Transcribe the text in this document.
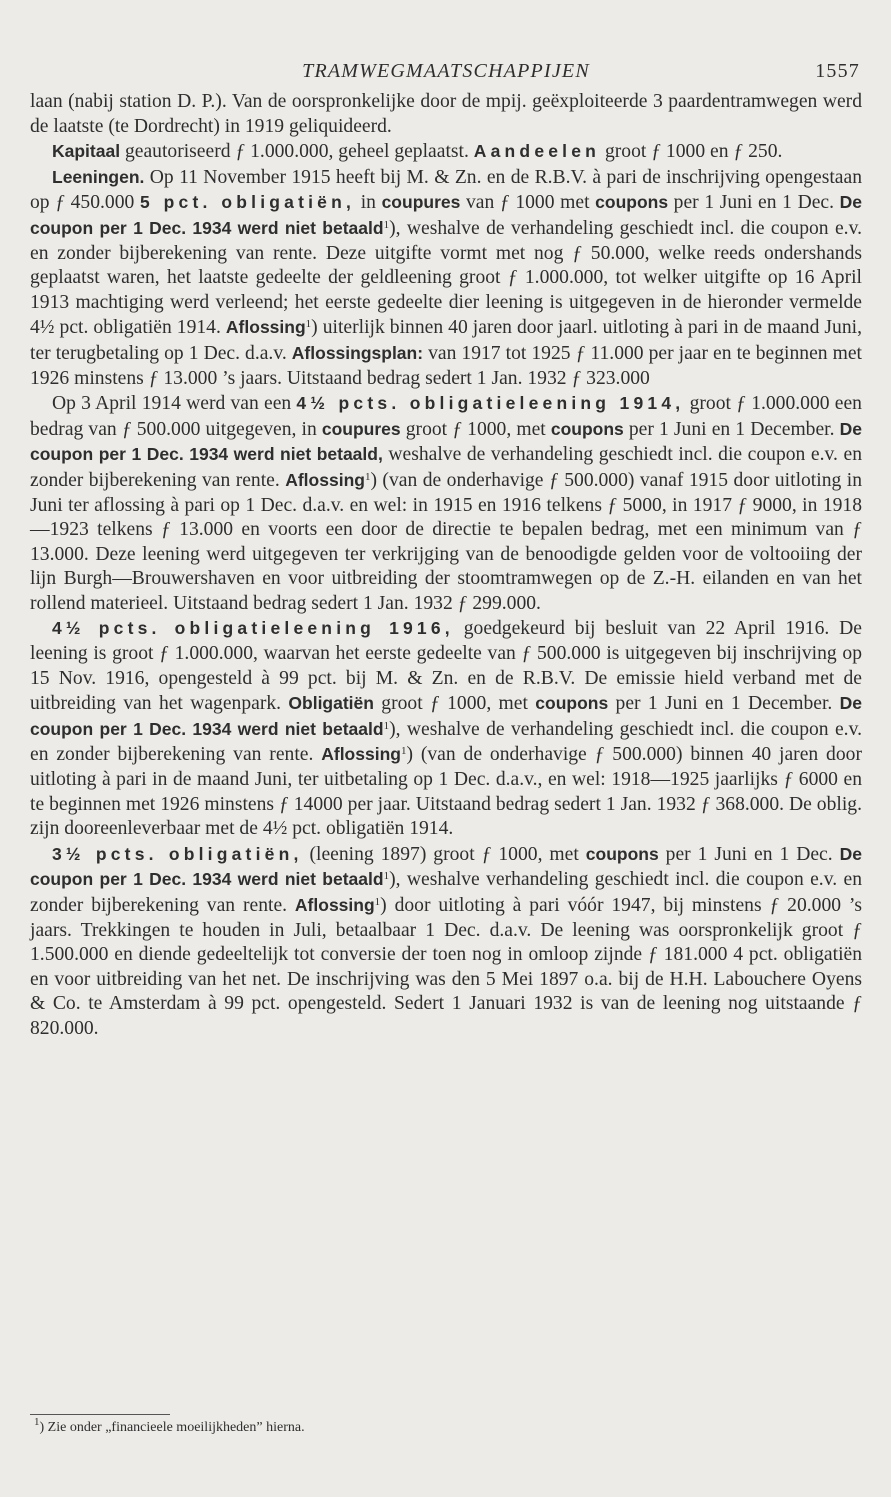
TRAMWEGMAATSCHAPPIJEN	1557

laan (nabij station D. P.). Van de oorspronkelijke door de mpij. geëxploiteerde 3 paardentramwegen werd de laatste (te Dordrecht) in 1919 geliquideerd.

Kapitaal geautoriseerd ƒ 1.000.000, geheel geplaatst. Aandeelen groot ƒ 1000 en ƒ 250.

Leeningen. Op 11 November 1915 heeft bij M. & Zn. en de R.B.V. à pari de inschrijving opengestaan op ƒ 450.000 5 pct. obligatiën, in coupures van ƒ 1000 met coupons per 1 Juni en 1 Dec. De coupon per 1 Dec. 1934 werd niet betaald$^1$), weshalve de verhandeling geschiedt incl. die coupon e.v. en zonder bijberekening van rente. Deze uitgifte vormt met nog ƒ 50.000, welke reeds ondershands geplaatst waren, het laatste gedeelte der geldleening groot ƒ 1.000.000, tot welker uitgifte op 16 April 1913 machtiging werd verleend; het eerste gedeelte dier leening is uitgegeven in de hieronder vermelde 4½ pct. obligatiën 1914. Aflossing$^1$) uiterlijk binnen 40 jaren door jaarl. uitloting à pari in de maand Juni, ter terugbetaling op 1 Dec. d.a.v. Aflossingsplan: van 1917 tot 1925 ƒ 11.000 per jaar en te beginnen met 1926 minstens ƒ 13.000 ’s jaars. Uitstaand bedrag sedert 1 Jan. 1932 ƒ 323.000

Op 3 April 1914 werd van een 4½ pcts. obligatieleening 1914, groot ƒ 1.000.000 een bedrag van ƒ 500.000 uitgegeven, in coupures groot ƒ 1000, met coupons per 1 Juni en 1 December. De coupon per 1 Dec. 1934 werd niet betaald, weshalve de verhandeling geschiedt incl. die coupon e.v. en zonder bijberekening van rente. Aflossing$^1$) (van de onderhavige ƒ 500.000) vanaf 1915 door uitloting in Juni ter aflossing à pari op 1 Dec. d.a.v. en wel: in 1915 en 1916 telkens ƒ 5000, in 1917 ƒ 9000, in 1918—1923 telkens ƒ 13.000 en voorts een door de directie te bepalen bedrag, met een minimum van ƒ 13.000. Deze leening werd uitgegeven ter verkrijging van de benoodigde gelden voor de voltooiing der lijn Burgh—Brouwershaven en voor uitbreiding der stoomtramwegen op de Z.-H. eilanden en van het rollend materieel. Uitstaand bedrag sedert 1 Jan. 1932 ƒ 299.000.

4½ pcts. obligatieleening 1916, goedgekeurd bij besluit van 22 April 1916. De leening is groot ƒ 1.000.000, waarvan het eerste gedeelte van ƒ 500.000 is uitgegeven bij inschrijving op 15 Nov. 1916, opengesteld à 99 pct. bij M. & Zn. en de R.B.V. De emissie hield verband met de uitbreiding van het wagenpark. Obligatiën groot ƒ 1000, met coupons per 1 Juni en 1 December. De coupon per 1 Dec. 1934 werd niet betaald$^1$), weshalve de verhandeling geschiedt incl. die coupon e.v. en zonder bijberekening van rente. Aflossing$^1$) (van de onderhavige ƒ 500.000) binnen 40 jaren door uitloting à pari in de maand Juni, ter uitbetaling op 1 Dec. d.a.v., en wel: 1918—1925 jaarlijks ƒ 6000 en te beginnen met 1926 minstens ƒ 14000 per jaar. Uitstaand bedrag sedert 1 Jan. 1932 ƒ 368.000. De oblig. zijn dooreenleverbaar met de 4½ pct. obligatiën 1914.

3½ pcts. obligatiën, (leening 1897) groot ƒ 1000, met coupons per 1 Juni en 1 Dec. De coupon per 1 Dec. 1934 werd niet betaald$^1$), weshalve verhandeling geschiedt incl. die coupon e.v. en zonder bijberekening van rente. Aflossing$^1$) door uitloting à pari vóór 1947, bij minstens ƒ 20.000 ’s jaars. Trekkingen te houden in Juli, betaalbaar 1 Dec. d.a.v. De leening was oorspronkelijk groot ƒ 1.500.000 en diende gedeeltelijk tot conversie der toen nog in omloop zijnde ƒ 181.000 4 pct. obligatiën en voor uitbreiding van het net. De inschrijving was den 5 Mei 1897 o.a. bij de H.H. Labouchere Oyens & Co. te Amsterdam à 99 pct. opengesteld. Sedert 1 Januari 1932 is van de leening nog uitstaande ƒ 820.000.

$^1$) Zie onder „financieele moeilijkheden” hierna.
